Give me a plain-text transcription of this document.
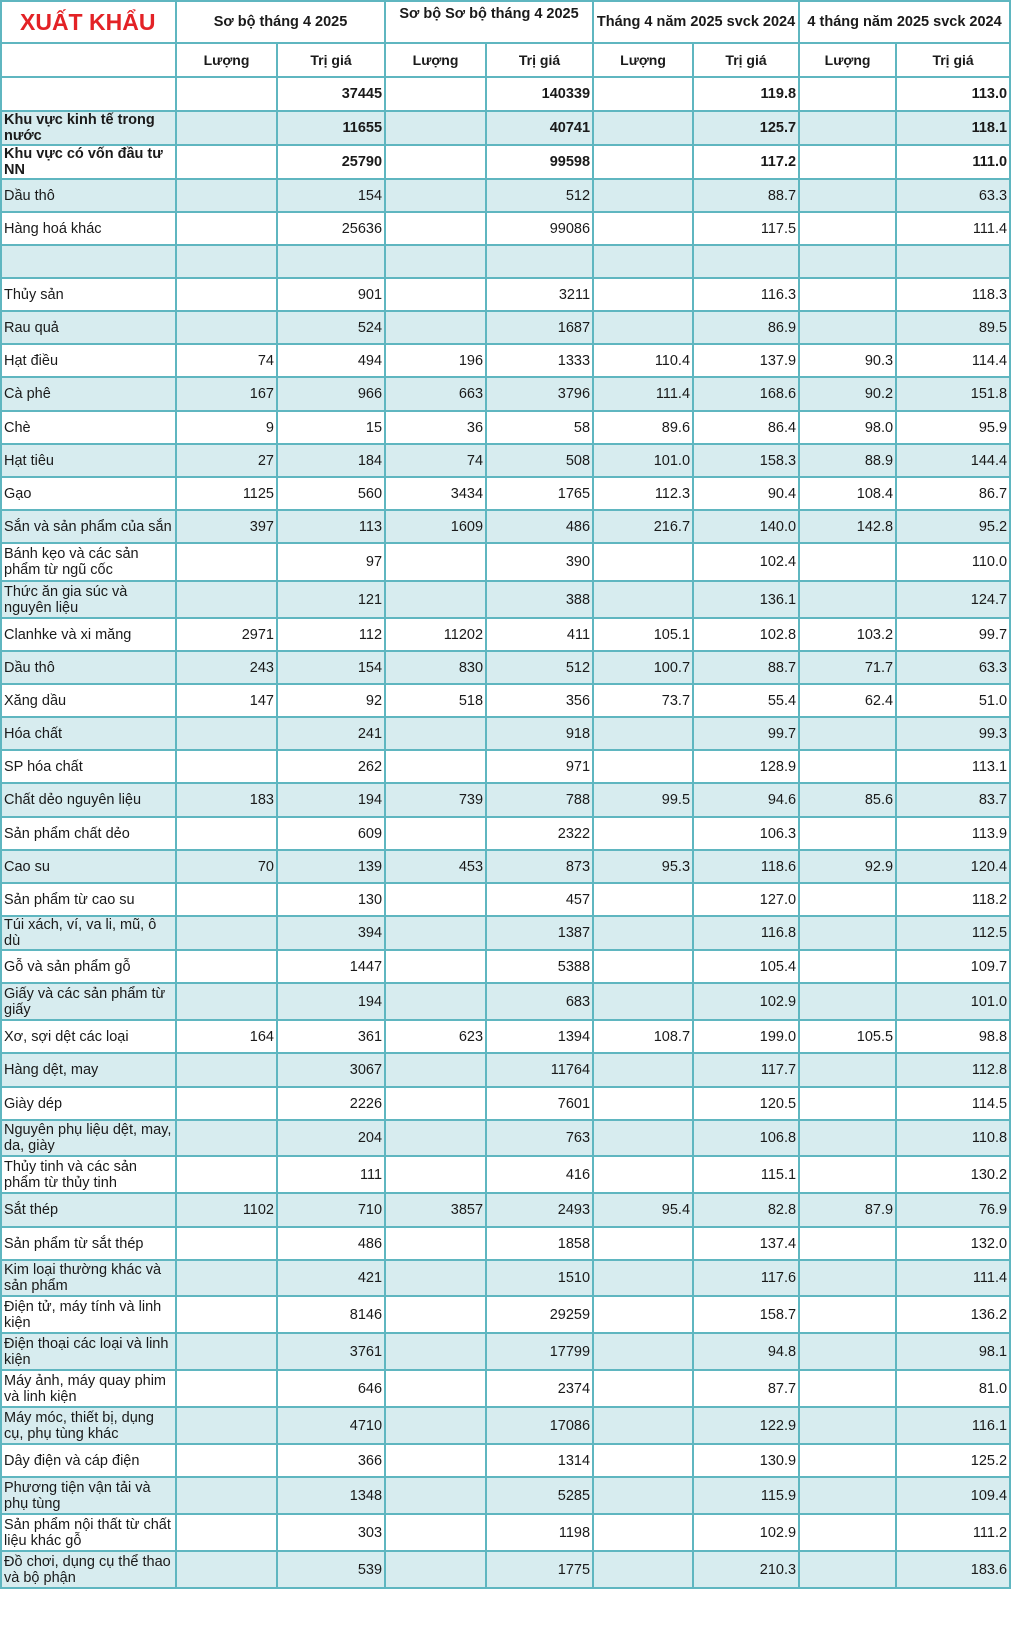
XUẤT KHẨU	Sơ bộ tháng 4 2025		Sơ bộ Sơ bộ tháng 4 2025		Tháng 4 năm 2025 svck 2024		4 tháng năm 2025 svck 2024	
	Lượng	Trị giá	Lượng	Trị giá	Lượng	Trị giá	Lượng	Trị giá
		37445		140339		119.8		113.0
Khu vực kinh tế trong nước		11655		40741		125.7		118.1
Khu vực có vốn đầu tư NN		25790		99598		117.2		111.0
Dầu thô		154		512		88.7		63.3
Hàng hoá khác		25636		99086		117.5		111.4

Thủy sản		901		3211		116.3		118.3
Rau quả		524		1687		86.9		89.5
Hạt điều	74	494	196	1333	110.4	137.9	90.3	114.4
Cà phê	167	966	663	3796	111.4	168.6	90.2	151.8
Chè	9	15	36	58	89.6	86.4	98.0	95.9
Hạt tiêu	27	184	74	508	101.0	158.3	88.9	144.4
Gạo	1125	560	3434	1765	112.3	90.4	108.4	86.7
Sắn và sản phẩm của sắn	397	113	1609	486	216.7	140.0	142.8	95.2
Bánh kẹo và các sản phẩm từ ngũ cốc		97		390		102.4		110.0
Thức ăn gia súc và nguyên liệu		121		388		136.1		124.7
Clanhke và xi măng	2971	112	11202	411	105.1	102.8	103.2	99.7
Dầu thô	243	154	830	512	100.7	88.7	71.7	63.3
Xăng dầu	147	92	518	356	73.7	55.4	62.4	51.0
Hóa chất		241		918		99.7		99.3
SP hóa chất		262		971		128.9		113.1
Chất dẻo nguyên liệu	183	194	739	788	99.5	94.6	85.6	83.7
Sản phẩm chất dẻo		609		2322		106.3		113.9
Cao su	70	139	453	873	95.3	118.6	92.9	120.4
Sản phẩm từ cao su		130		457		127.0		118.2
Túi xách, ví, va li, mũ, ô dù		394		1387		116.8		112.5
Gỗ và sản phẩm gỗ		1447		5388		105.4		109.7
Giấy và các sản phẩm từ giấy		194		683		102.9		101.0
Xơ, sợi dệt các loại	164	361	623	1394	108.7	199.0	105.5	98.8
Hàng dệt, may		3067		11764		117.7		112.8
Giày dép		2226		7601		120.5		114.5
Nguyên phụ liệu dệt, may, da, giày		204		763		106.8		110.8
Thủy tinh và các sản phẩm từ thủy tinh		111		416		115.1		130.2
Sắt thép	1102	710	3857	2493	95.4	82.8	87.9	76.9
Sản phẩm từ sắt thép		486		1858		137.4		132.0
Kim loại thường khác và sản phẩm		421		1510		117.6		111.4
Điện tử, máy tính và linh kiện		8146		29259		158.7		136.2
Điện thoại các loại và linh kiện		3761		17799		94.8		98.1
Máy ảnh, máy quay phim và linh kiện		646		2374		87.7		81.0
Máy móc, thiết bị, dụng cụ, phụ tùng khác		4710		17086		122.9		116.1
Dây điện và cáp điện		366		1314		130.9		125.2
Phương tiện vận tải và phụ tùng		1348		5285		115.9		109.4
Sản phẩm nội thất từ chất liệu khác gỗ		303		1198		102.9		111.2
Đồ chơi, dụng cụ thể thao và bộ phận		539		1775		210.3		183.6
